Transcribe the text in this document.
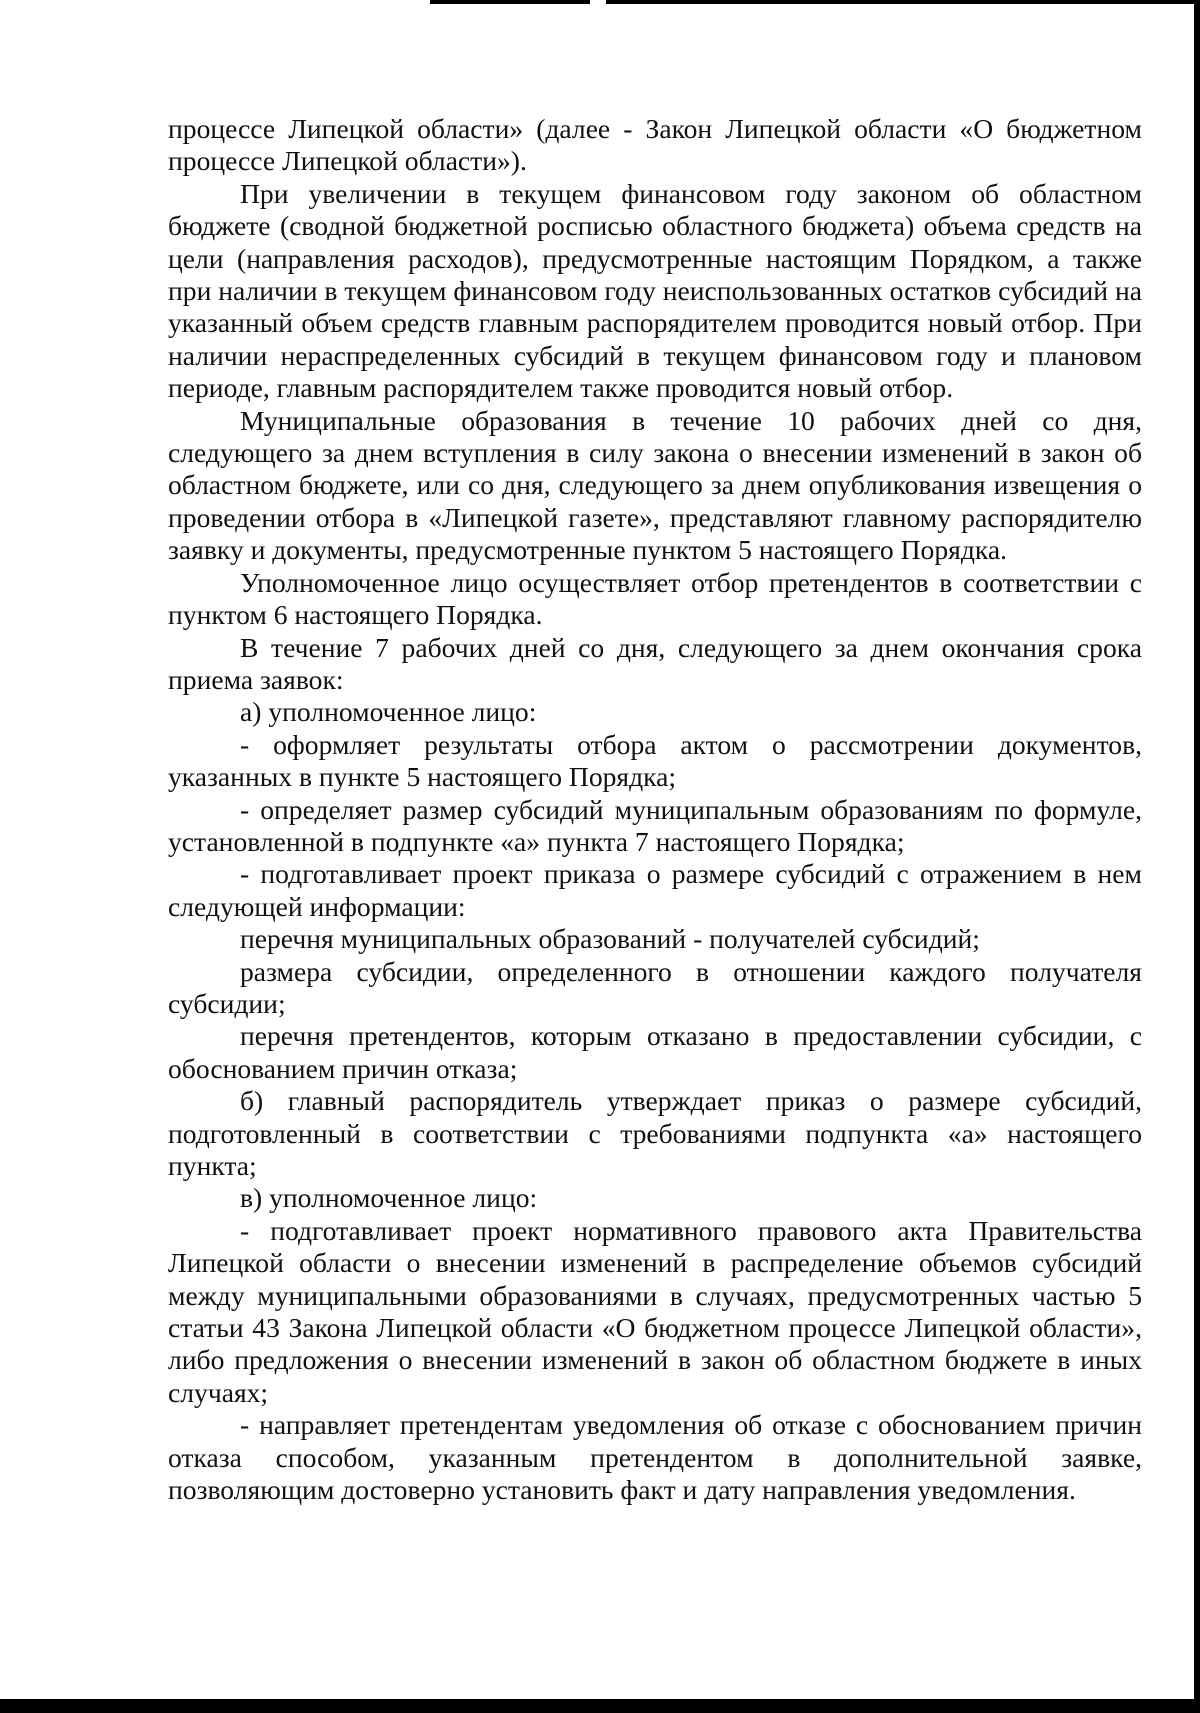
процессе Липецкой области» (далее - Закон Липецкой области «О бюджетном процессе Липецкой области»).

При увеличении в текущем финансовом году законом об областном бюджете (сводной бюджетной росписью областного бюджета) объема средств на цели (направления расходов), предусмотренные настоящим Порядком, а также при наличии в текущем финансовом году неиспользованных остатков субсидий на указанный объем средств главным распорядителем проводится новый отбор. При наличии нераспределенных субсидий в текущем финансовом году и плановом периоде, главным распорядителем также проводится новый отбор.

Муниципальные образования в течение 10 рабочих дней со дня, следующего за днем вступления в силу закона о внесении изменений в закон об областном бюджете, или со дня, следующего за днем опубликования извещения о проведении отбора в «Липецкой газете», представляют главному распорядителю заявку и документы, предусмотренные пунктом 5 настоящего Порядка.

Уполномоченное лицо осуществляет отбор претендентов в соответствии с пунктом 6 настоящего Порядка.

В течение 7 рабочих дней со дня, следующего за днем окончания срока приема заявок:

а) уполномоченное лицо:

- оформляет результаты отбора актом о рассмотрении документов, указанных в пункте 5 настоящего Порядка;

- определяет размер субсидий муниципальным образованиям по формуле, установленной в подпункте «а» пункта 7 настоящего Порядка;

- подготавливает проект приказа о размере субсидий с отражением в нем следующей информации:

перечня муниципальных образований - получателей субсидий;

размера субсидии, определенного в отношении каждого получателя субсидии;

перечня претендентов, которым отказано в предоставлении субсидии, с обоснованием причин отказа;

б) главный распорядитель утверждает приказ о размере субсидий, подготовленный в соответствии с требованиями подпункта «а» настоящего пункта;

в) уполномоченное лицо:

- подготавливает проект нормативного правового акта Правительства Липецкой области о внесении изменений в распределение объемов субсидий между муниципальными образованиями в случаях, предусмотренных частью 5 статьи 43 Закона Липецкой области «О бюджетном процессе Липецкой области», либо предложения о внесении изменений в закон об областном бюджете в иных случаях;

- направляет претендентам уведомления об отказе с обоснованием причин отказа способом, указанным претендентом в дополнительной заявке, позволяющим достоверно установить факт и дату направления уведомления.
